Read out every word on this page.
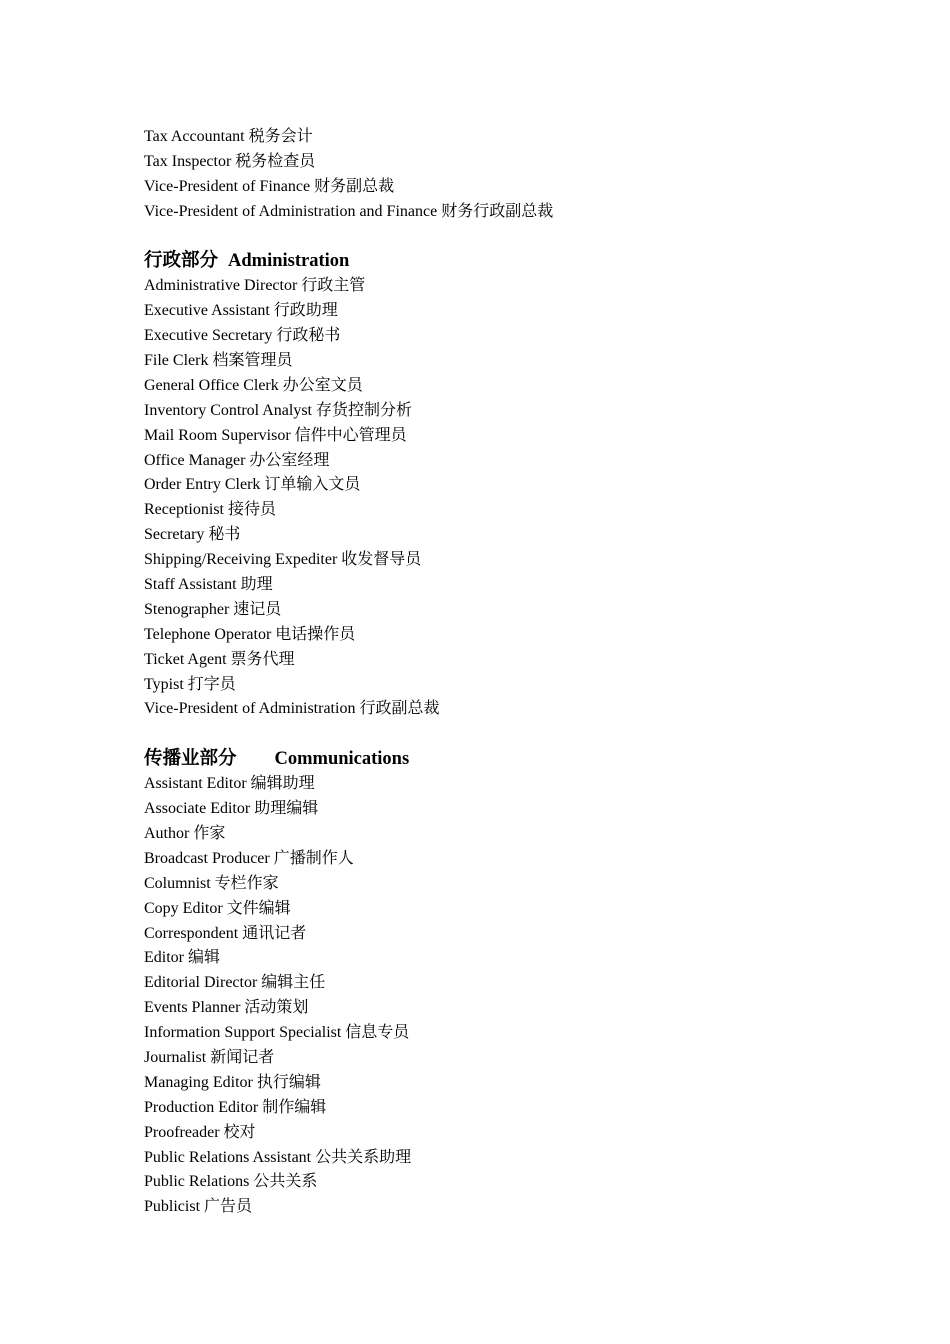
Tax Accountant 税务会计
Tax Inspector 税务检查员
Vice-President of Finance 财务副总裁
Vice-President of Administration and Finance 财务行政副总裁
行政部分 Administration
Administrative Director 行政主管
Executive Assistant 行政助理
Executive Secretary 行政秘书
File Clerk 档案管理员
General Office Clerk 办公室文员
Inventory Control Analyst 存货控制分析
Mail Room Supervisor 信件中心管理员
Office Manager 办公室经理
Order Entry Clerk 订单输入文员
Receptionist 接待员
Secretary 秘书
Shipping/Receiving Expediter 收发督导员
Staff Assistant 助理
Stenographer 速记员
Telephone Operator 电话操作员
Ticket Agent 票务代理
Typist 打字员
Vice-President of Administration 行政副总裁
传播业部分 Communications
Assistant Editor 编辑助理
Associate Editor 助理编辑
Author 作家
Broadcast Producer 广播制作人
Columnist 专栏作家
Copy Editor 文件编辑
Correspondent 通讯记者
Editor 编辑
Editorial Director 编辑主任
Events Planner 活动策划
Information Support Specialist 信息专员
Journalist 新闻记者
Managing Editor 执行编辑
Production Editor 制作编辑
Proofreader 校对
Public Relations Assistant 公共关系助理
Public Relations 公共关系
Publicist 广告员
